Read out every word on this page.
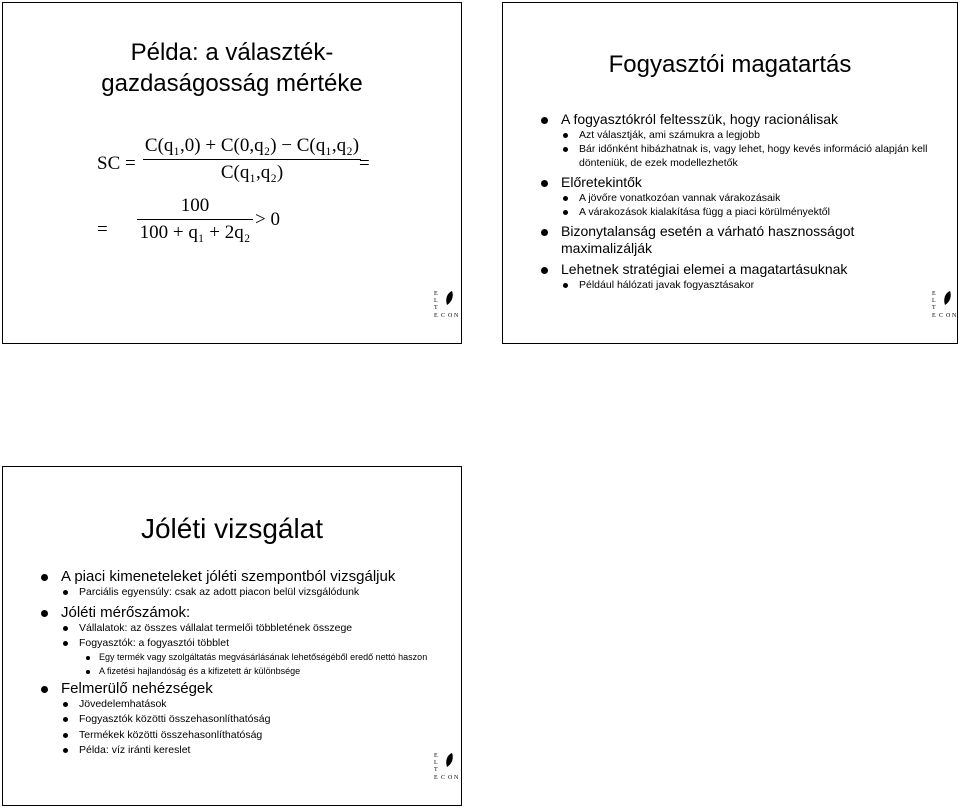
Példa: a választék-
gazdaságosság mértéke
SC = $\frac{\text{C(q₁,0) + C(0,q₂) − C(q₁,q₂)}}{\text{C(q₁,q₂)}}$
=
= $\frac{100}{\text{100 + q₁ + 2q₂}} > 0$
E
L
T
E C O N
Fogyasztói magatartás
A fogyasztókról feltesszük, hogy racionálisak
Azt választják, ami számukra a legjobb
Bár időnként hibázhatnak is, vagy lehet, hogy kevés információ alapján kell dönteniük, de ezek modellezhetők
Előretekintők
A jövőre vonatkozóan vannak várakozásaik
A várakozások kialakítása függ a piaci körülményektől
Bizonytalanság esetén a várható hasznosságot maximalizálják
Lehetnek stratégiai elemei a magatartásuknak
Például hálózati javak fogyasztásakor
E
L
T
E C O N
Jóléti vizsgálat
A piaci kimeneteleket jóléti szempontból vizsgáljuk
Parciális egyensúly: csak az adott piacon belül vizsgálódunk
Jóléti mérőszámok:
Vállalatok: az összes vállalat termelői többletének összege
Fogyasztók: a fogyasztói többlet
Egy termék vagy szolgáltatás megvásárlásának lehetőségéből eredő nettó haszon
A fizetési hajlandóság és a kifizetett ár különbsége
Felmerülő nehézségek
Jövedelemhatások
Fogyasztók közötti összehasonlíthatóság
Termékek közötti összehasonlíthatóság
Példa: víz iránti kereslet	E
L
T
E C O N
